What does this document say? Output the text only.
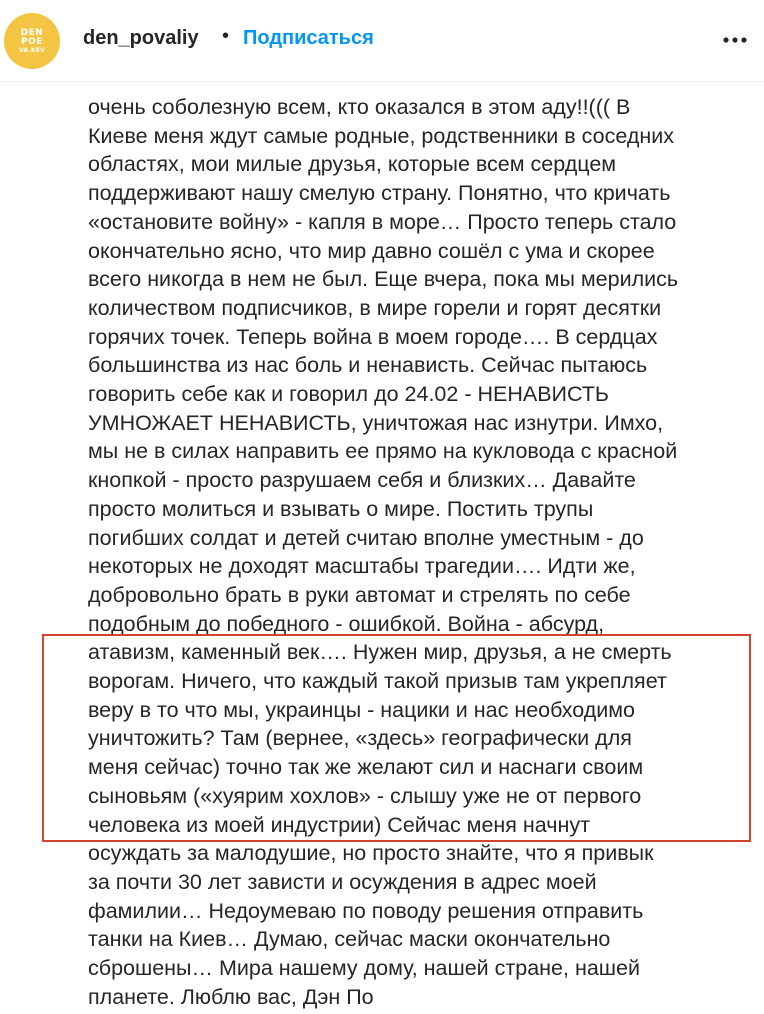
DEN
POE
VA.KEV
den_povaliy • Подписаться

очень соболезную всем, кто оказался в этом аду!!((( В
Киеве меня ждут самые родные, родственники в соседних
областях, мои милые друзья, которые всем сердцем
поддерживают нашу смелую страну. Понятно, что кричать
«остановите войну» - капля в море… Просто теперь стало
окончательно ясно, что мир давно сошёл с ума и скорее
всего никогда в нем не был. Еще вчера, пока мы мерились
количеством подписчиков, в мире горели и горят десятки
горячих точек. Теперь война в моем городе…. В сердцах
большинства из нас боль и ненависть. Сейчас пытаюсь
говорить себе как и говорил до 24.02 - НЕНАВИСТЬ
УМНОЖАЕТ НЕНАВИСТЬ, уничтожая нас изнутри. Имхо,
мы не в силах направить ее прямо на кукловода с красной
кнопкой - просто разрушаем себя и близких… Давайте
просто молиться и взывать о мире. Постить трупы
погибших солдат и детей считаю вполне уместным - до
некоторых не доходят масштабы трагедии…. Идти же,
добровольно брать в руки автомат и стрелять по себе
подобным до победного - ошибкой. Война - абсурд,
атавизм, каменный век…. Нужен мир, друзья, а не смерть
ворогам. Ничего, что каждый такой призыв там укрепляет
веру в то что мы, украинцы - нацики и нас необходимо
уничтожить? Там (вернее, «здесь» географически для
меня сейчас) точно так же желают сил и наснаги своим
сыновьям («хуярим хохлов» - слышу уже не от первого
человека из моей индустрии) Сейчас меня начнут
осуждать за малодушие, но просто знайте, что я привык
за почти 30 лет зависти и осуждения в адрес моей
фамилии… Недоумеваю по поводу решения отправить
танки на Киев… Думаю, сейчас маски окончательно
сброшены… Мира нашему дому, нашей стране, нашей
планете. Люблю вас, Дэн По
